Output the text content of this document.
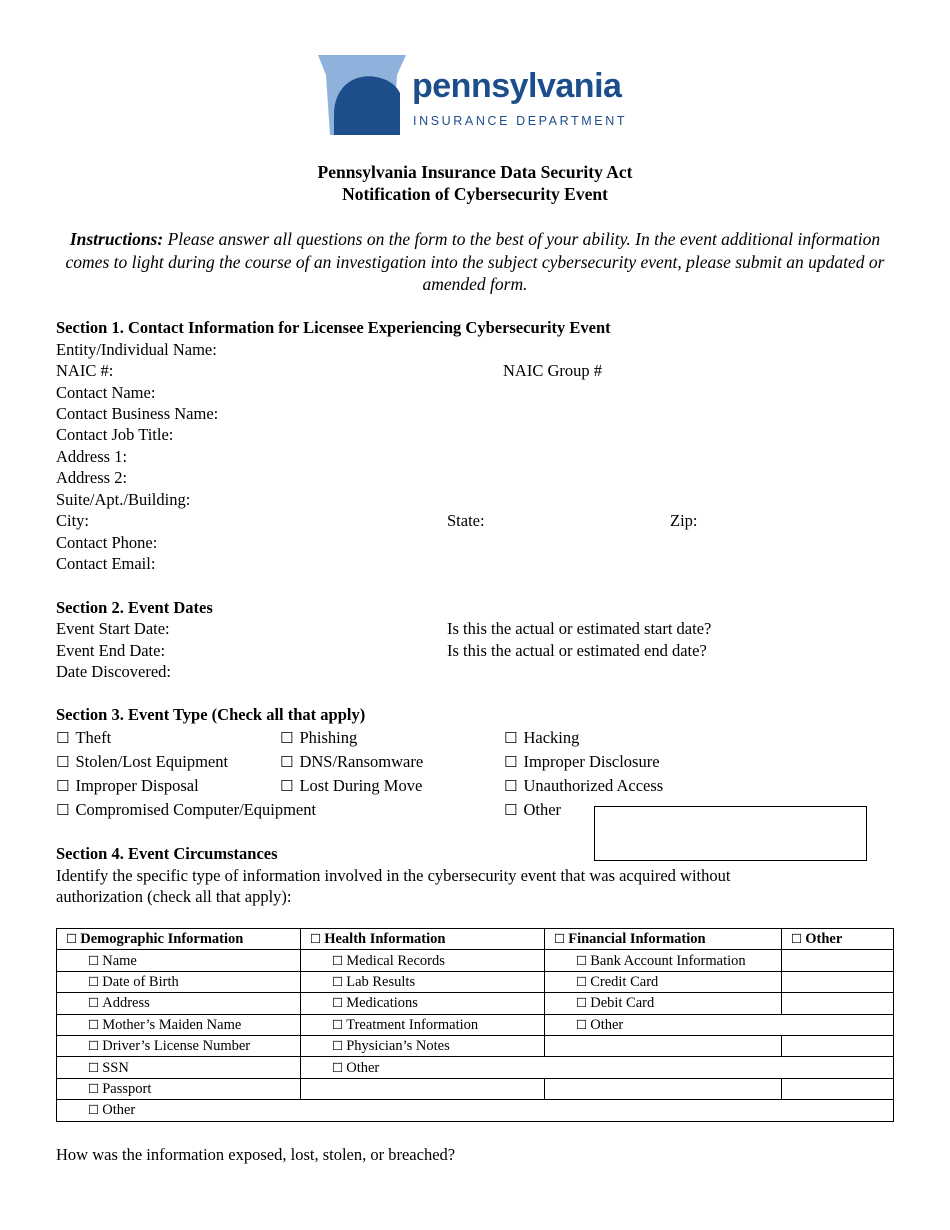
pennsylvania
INSURANCE DEPARTMENT
Pennsylvania Insurance Data Security Act
Notification of Cybersecurity Event
Instructions: Please answer all questions on the form to the best of your ability. In the event additional information comes to light during the course of an investigation into the subject cybersecurity event, please submit an updated or amended form.
Section 1. Contact Information for Licensee Experiencing Cybersecurity Event
Entity/Individual Name:
NAIC #:	NAIC Group #
Contact Name:
Contact Business Name:
Contact Job Title:
Address 1:
Address 2:
Suite/Apt./Building:
City:	State:	Zip:
Contact Phone:
Contact Email:
Section 2. Event Dates
Event Start Date:	Is this the actual or estimated start date?
Event End Date:	Is this the actual or estimated end date?
Date Discovered:
Section 3. Event Type (Check all that apply)
☐ Theft	☐ Phishing	☐ Hacking
☐ Stolen/Lost Equipment	☐ DNS/Ransomware	☐ Improper Disclosure
☐ Improper Disposal	☐ Lost During Move	☐ Unauthorized Access
☐ Compromised Computer/Equipment	☐ Other
Section 4. Event Circumstances
Identify the specific type of information involved in the cybersecurity event that was acquired without
authorization (check all that apply):
☐ Demographic Information	☐ Health Information	☐ Financial Information	☐ Other
☐ Name	☐ Medical Records	☐ Bank Account Information	
☐ Date of Birth	☐ Lab Results	☐ Credit Card	
☐ Address	☐ Medications	☐ Debit Card	
☐ Mother’s Maiden Name	☐ Treatment Information	☐ Other	
☐ Driver’s License Number	☐ Physician’s Notes		
☐ SSN	☐ Other		
☐ Passport			
☐ Other			
How was the information exposed, lost, stolen, or breached?
